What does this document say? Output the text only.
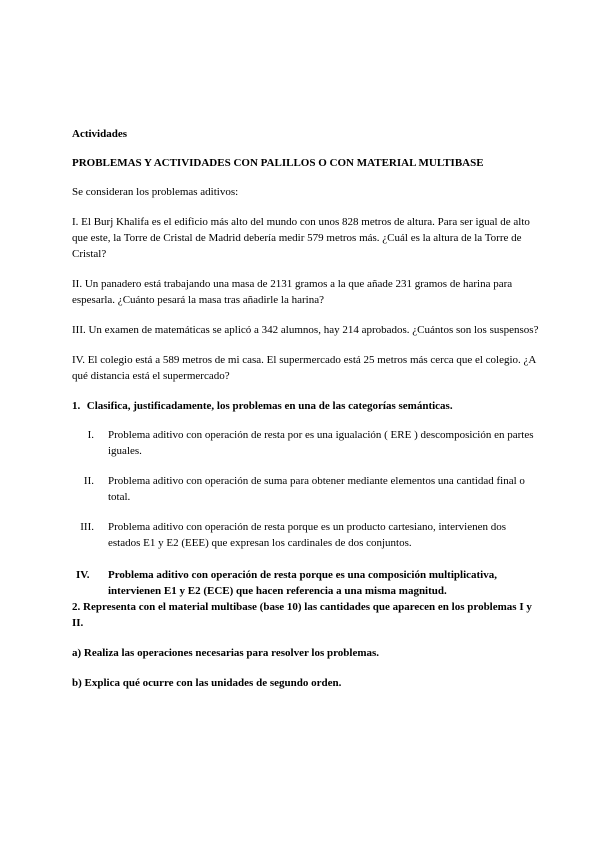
Actividades

PROBLEMAS Y ACTIVIDADES CON PALILLOS O CON MATERIAL MULTIBASE

Se consideran los problemas aditivos:

I. El Burj Khalifa es el edificio más alto del mundo con unos 828 metros de altura. Para ser igual de alto que este, la Torre de Cristal de Madrid debería medir 579 metros más. ¿Cuál es la altura de la Torre de Cristal?

II. Un panadero está trabajando una masa de 2131 gramos a la que añade 231 gramos de harina para espesarla. ¿Cuánto pesará la masa tras añadirle la harina?

III. Un examen de matemáticas se aplicó a 342 alumnos, hay 214 aprobados. ¿Cuántos son los suspensos?

IV. El colegio está a 589 metros de mi casa. El supermercado está 25 metros más cerca que el colegio. ¿A qué distancia está el supermercado?

1. Clasifica, justificadamente, los problemas en una de las categorías semánticas.

I. Problema aditivo con operación de resta por es una igualación ( ERE ) descomposición en partes iguales.
II. Problema aditivo con operación de suma para obtener mediante elementos una cantidad final o total.
III. Problema aditivo con operación de resta porque es un producto cartesiano, intervienen dos estados E1 y E2 (EEE) que expresan los cardinales de dos conjuntos.
IV.	Problema aditivo con operación de resta porque es una composición multiplicativa, intervienen E1 y E2 (ECE) que hacen referencia a una misma magnitud.

2. Representa con el material multibase (base 10) las cantidades que aparecen en los problemas I y II.

a) Realiza las operaciones necesarias para resolver los problemas.

b) Explica qué ocurre con las unidades de segundo orden.
